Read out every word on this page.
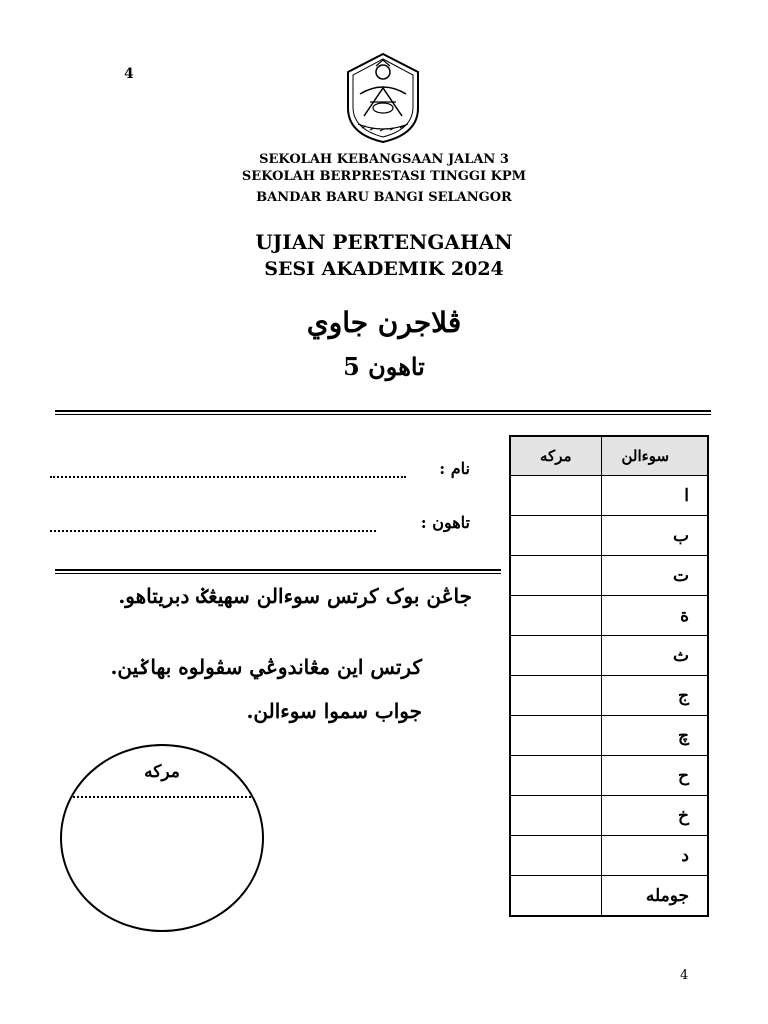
4
SEKOLAH KEBANGSAAN JALAN 3
SEKOLAH BERPRESTASI TINGGI KPM
BANDAR BARU BANGI SELANGOR
UJIAN PERTENGAHAN
SESI AKADEMIK 2024
ڤلاجرن جاوي
تاهون 5
نام :
تاهون :
جاڠن بوک کرتس سوءالن سهيڠݢ دبريتاهو.
کرتس اين مڠاندوڠي سڤولوه بهاݢين.
جواب سموا سوءالن.
مرکه
مرکه	سوءالن
	ا
	ب
	ت
	ة
	ث
	ج
	چ
	ح
	خ
	د
	جومله
4
